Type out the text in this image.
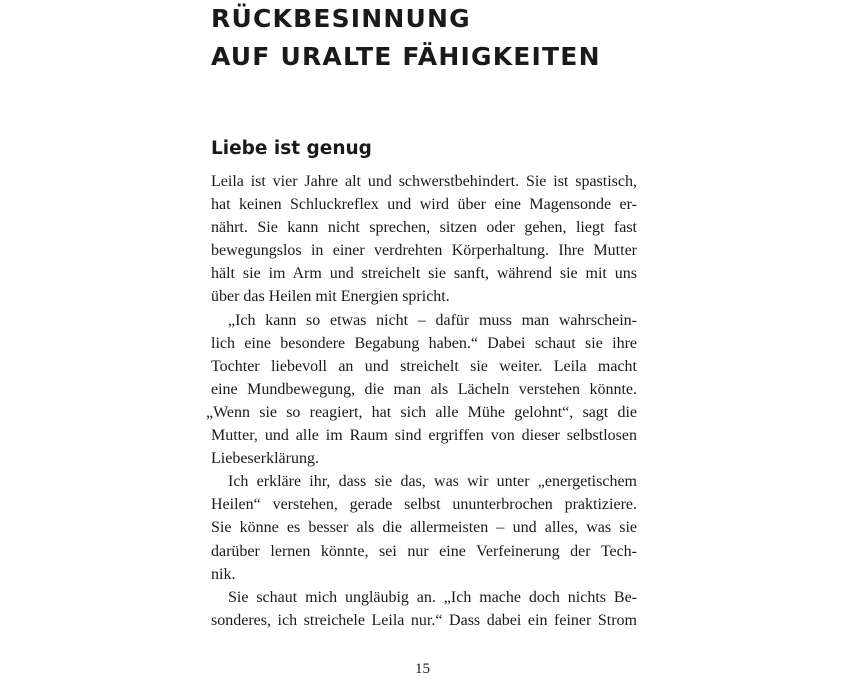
RÜCKBESINNUNG
AUF URALTE FÄHIGKEITEN
Liebe ist genug
Leila ist vier Jahre alt und schwerstbehindert. Sie ist spastisch,
hat keinen Schluckreflex und wird über eine Magensonde er-
nährt. Sie kann nicht sprechen, sitzen oder gehen, liegt fast
bewegungslos in einer verdrehten Körperhaltung. Ihre Mutter
hält sie im Arm und streichelt sie sanft, während sie mit uns
über das Heilen mit Energien spricht.
„Ich kann so etwas nicht – dafür muss man wahrschein-
lich eine besondere Begabung haben.“ Dabei schaut sie ihre
Tochter liebevoll an und streichelt sie weiter. Leila macht
eine Mundbewegung, die man als Lächeln verstehen könnte.
„Wenn sie so reagiert, hat sich alle Mühe gelohnt“, sagt die
Mutter, und alle im Raum sind ergriffen von dieser selbstlosen
Liebeserklärung.
Ich erkläre ihr, dass sie das, was wir unter „energetischem
Heilen“ verstehen, gerade selbst ununterbrochen praktiziere.
Sie könne es besser als die allermeisten – und alles, was sie
darüber lernen könnte, sei nur eine Verfeinerung der Tech-
nik.
Sie schaut mich ungläubig an. „Ich mache doch nichts Be-
sonderes, ich streichele Leila nur.“ Dass dabei ein feiner Strom
15
